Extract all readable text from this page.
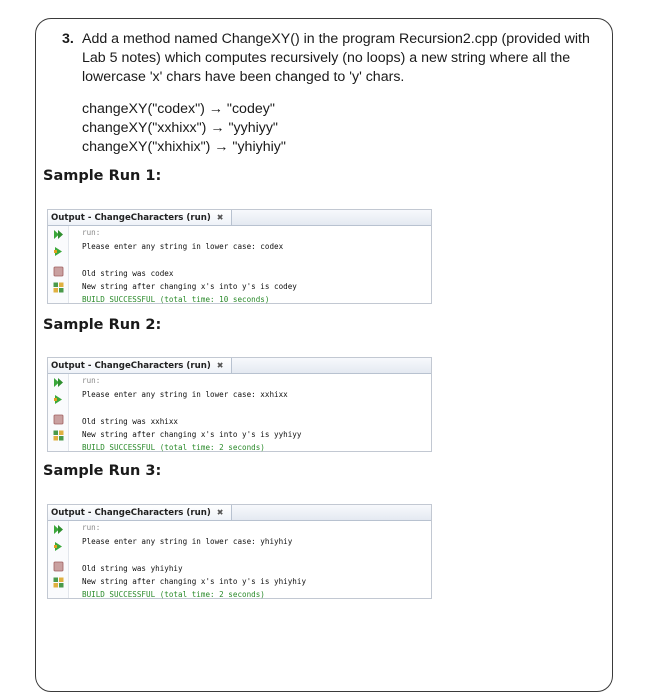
3. Add a method named ChangeXY() in the program Recursion2.cpp (provided with Lab 5 notes) which computes recursively (no loops) a new string where all the lowercase 'x' chars have been changed to 'y' chars.
changeXY("codex") → "codey"
changeXY("xxhixx") → "yyhiyy"
changeXY("xhixhix") → "yhiyhiy"
Sample Run 1:
Output - ChangeCharacters (run) ✖
run:
Please enter any string in lower case: codex
Old string was codex
New string after changing x's into y's is codey
BUILD SUCCESSFUL (total time: 10 seconds)
Sample Run 2:
Output - ChangeCharacters (run) ✖
run:
Please enter any string in lower case: xxhixx
Old string was xxhixx
New string after changing x's into y's is yyhiyy
BUILD SUCCESSFUL (total time: 2 seconds)
Sample Run 3:
Output - ChangeCharacters (run) ✖
run:
Please enter any string in lower case: yhiyhiy
Old string was yhiyhiy
New string after changing x's into y's is yhiyhiy
BUILD SUCCESSFUL (total time: 2 seconds)
